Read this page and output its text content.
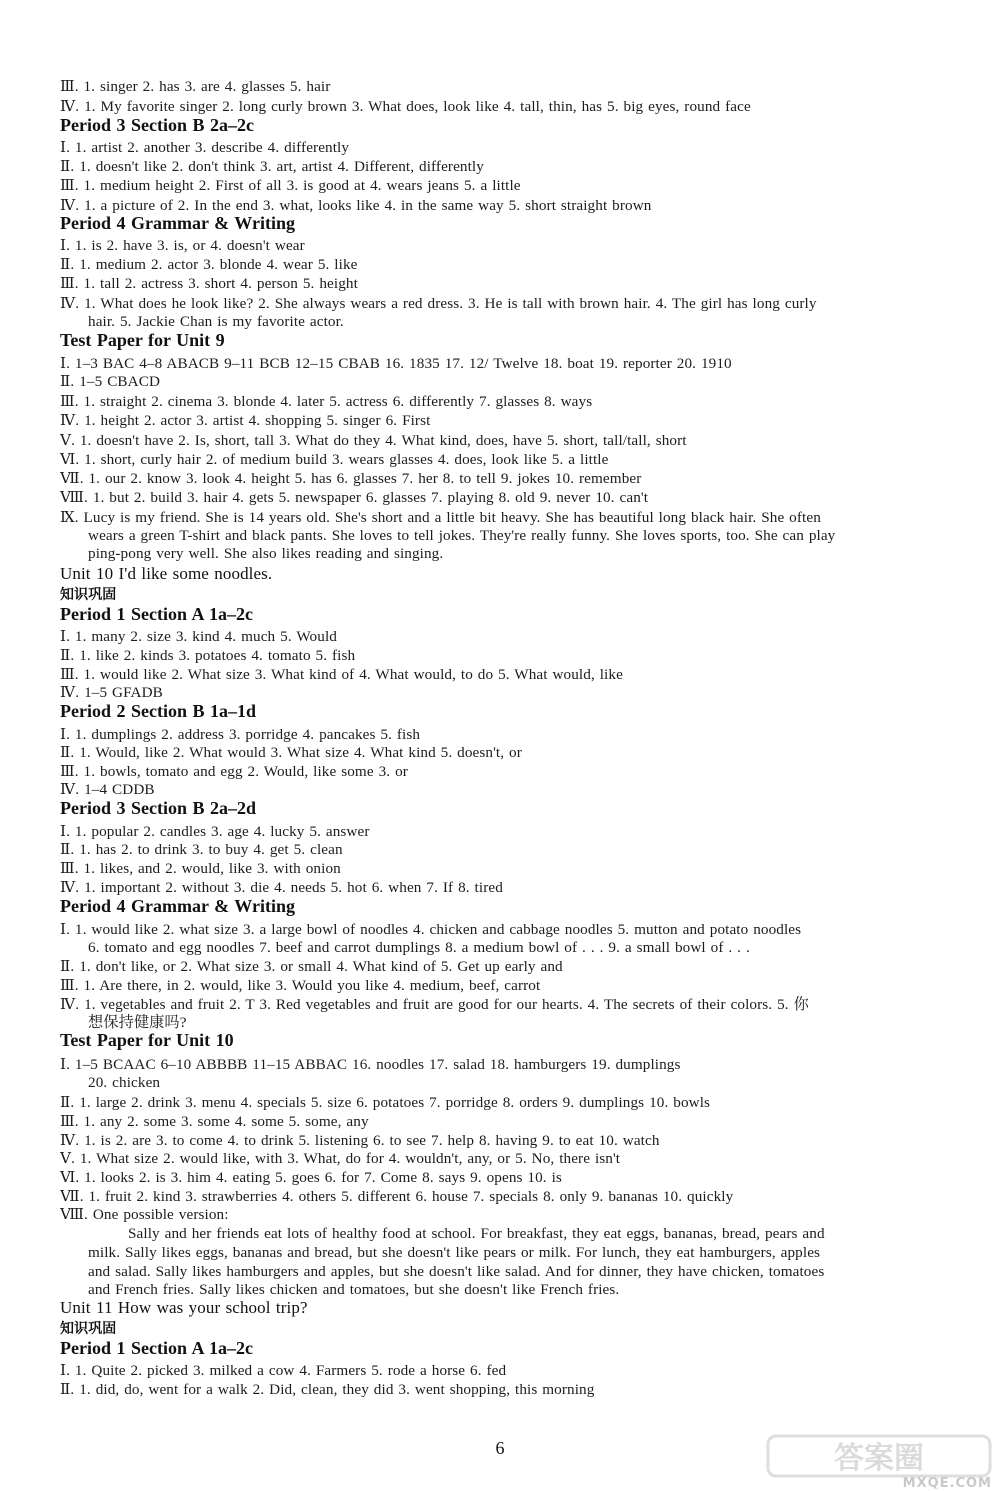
Ⅲ. 1. singer 2. has 3. are 4. glasses 5. hair
Ⅳ. 1. My favorite singer 2. long curly brown 3. What does, look like 4. tall, thin, has 5. big eyes, round face
Period 3 Section B 2a–2c
Ⅰ. 1. artist 2. another 3. describe 4. differently
Ⅱ. 1. doesn't like 2. don't think 3. art, artist 4. Different, differently
Ⅲ. 1. medium height 2. First of all 3. is good at 4. wears jeans 5. a little
Ⅳ. 1. a picture of 2. In the end 3. what, looks like 4. in the same way 5. short straight brown
Period 4 Grammar & Writing
Ⅰ. 1. is 2. have 3. is, or 4. doesn't wear
Ⅱ. 1. medium 2. actor 3. blonde 4. wear 5. like
Ⅲ. 1. tall 2. actress 3. short 4. person 5. height
Ⅳ. 1. What does he look like? 2. She always wears a red dress. 3. He is tall with brown hair. 4. The girl has long curly
hair. 5. Jackie Chan is my favorite actor.
Test Paper for Unit 9
Ⅰ. 1–3 BAC 4–8 ABACB 9–11 BCB 12–15 CBAB 16. 1835 17. 12/ Twelve 18. boat 19. reporter 20. 1910
Ⅱ. 1–5 CBACD
Ⅲ. 1. straight 2. cinema 3. blonde 4. later 5. actress 6. differently 7. glasses 8. ways
Ⅳ. 1. height 2. actor 3. artist 4. shopping 5. singer 6. First
Ⅴ. 1. doesn't have 2. Is, short, tall 3. What do they 4. What kind, does, have 5. short, tall/tall, short
Ⅵ. 1. short, curly hair 2. of medium build 3. wears glasses 4. does, look like 5. a little
Ⅶ. 1. our 2. know 3. look 4. height 5. has 6. glasses 7. her 8. to tell 9. jokes 10. remember
Ⅷ. 1. but 2. build 3. hair 4. gets 5. newspaper 6. glasses 7. playing 8. old 9. never 10. can't
Ⅸ. Lucy is my friend. She is 14 years old. She's short and a little bit heavy. She has beautiful long black hair. She often
wears a green T-shirt and black pants. She loves to tell jokes. They're really funny. She loves sports, too. She can play
ping-pong very well. She also likes reading and singing.
Unit 10 I'd like some noodles.
知识巩固
Period 1 Section A 1a–2c
Ⅰ. 1. many 2. size 3. kind 4. much 5. Would
Ⅱ. 1. like 2. kinds 3. potatoes 4. tomato 5. fish
Ⅲ. 1. would like 2. What size 3. What kind of 4. What would, to do 5. What would, like
Ⅳ. 1–5 GFADB
Period 2 Section B 1a–1d
Ⅰ. 1. dumplings 2. address 3. porridge 4. pancakes 5. fish
Ⅱ. 1. Would, like 2. What would 3. What size 4. What kind 5. doesn't, or
Ⅲ. 1. bowls, tomato and egg 2. Would, like some 3. or
Ⅳ. 1–4 CDDB
Period 3 Section B 2a–2d
Ⅰ. 1. popular 2. candles 3. age 4. lucky 5. answer
Ⅱ. 1. has 2. to drink 3. to buy 4. get 5. clean
Ⅲ. 1. likes, and 2. would, like 3. with onion
Ⅳ. 1. important 2. without 3. die 4. needs 5. hot 6. when 7. If 8. tired
Period 4 Grammar & Writing
Ⅰ. 1. would like 2. what size 3. a large bowl of noodles 4. chicken and cabbage noodles 5. mutton and potato noodles
6. tomato and egg noodles 7. beef and carrot dumplings 8. a medium bowl of . . . 9. a small bowl of . . .
Ⅱ. 1. don't like, or 2. What size 3. or small 4. What kind of 5. Get up early and
Ⅲ. 1. Are there, in 2. would, like 3. Would you like 4. medium, beef, carrot
Ⅳ. 1. vegetables and fruit 2. T 3. Red vegetables and fruit are good for our hearts. 4. The secrets of their colors. 5. 你
想保持健康吗?
Test Paper for Unit 10
Ⅰ. 1–5 BCAAC 6–10 ABBBB 11–15 ABBAC 16. noodles 17. salad 18. hamburgers 19. dumplings
20. chicken
Ⅱ. 1. large 2. drink 3. menu 4. specials 5. size 6. potatoes 7. porridge 8. orders 9. dumplings 10. bowls
Ⅲ. 1. any 2. some 3. some 4. some 5. some, any
Ⅳ. 1. is 2. are 3. to come 4. to drink 5. listening 6. to see 7. help 8. having 9. to eat 10. watch
Ⅴ. 1. What size 2. would like, with 3. What, do for 4. wouldn't, any, or 5. No, there isn't
Ⅵ. 1. looks 2. is 3. him 4. eating 5. goes 6. for 7. Come 8. says 9. opens 10. is
Ⅶ. 1. fruit 2. kind 3. strawberries 4. others 5. different 6. house 7. specials 8. only 9. bananas 10. quickly
Ⅷ. One possible version:
Sally and her friends eat lots of healthy food at school. For breakfast, they eat eggs, bananas, bread, pears and
milk. Sally likes eggs, bananas and bread, but she doesn't like pears or milk. For lunch, they eat hamburgers, apples
and salad. Sally likes hamburgers and apples, but she doesn't like salad. And for dinner, they have chicken, tomatoes
and French fries. Sally likes chicken and tomatoes, but she doesn't like French fries.
Unit 11 How was your school trip?
知识巩固
Period 1 Section A 1a–2c
Ⅰ. 1. Quite 2. picked 3. milked a cow 4. Farmers 5. rode a horse 6. fed
Ⅱ. 1. did, do, went for a walk 2. Did, clean, they did 3. went shopping, this morning
6	答案圈
MXQE.COM
